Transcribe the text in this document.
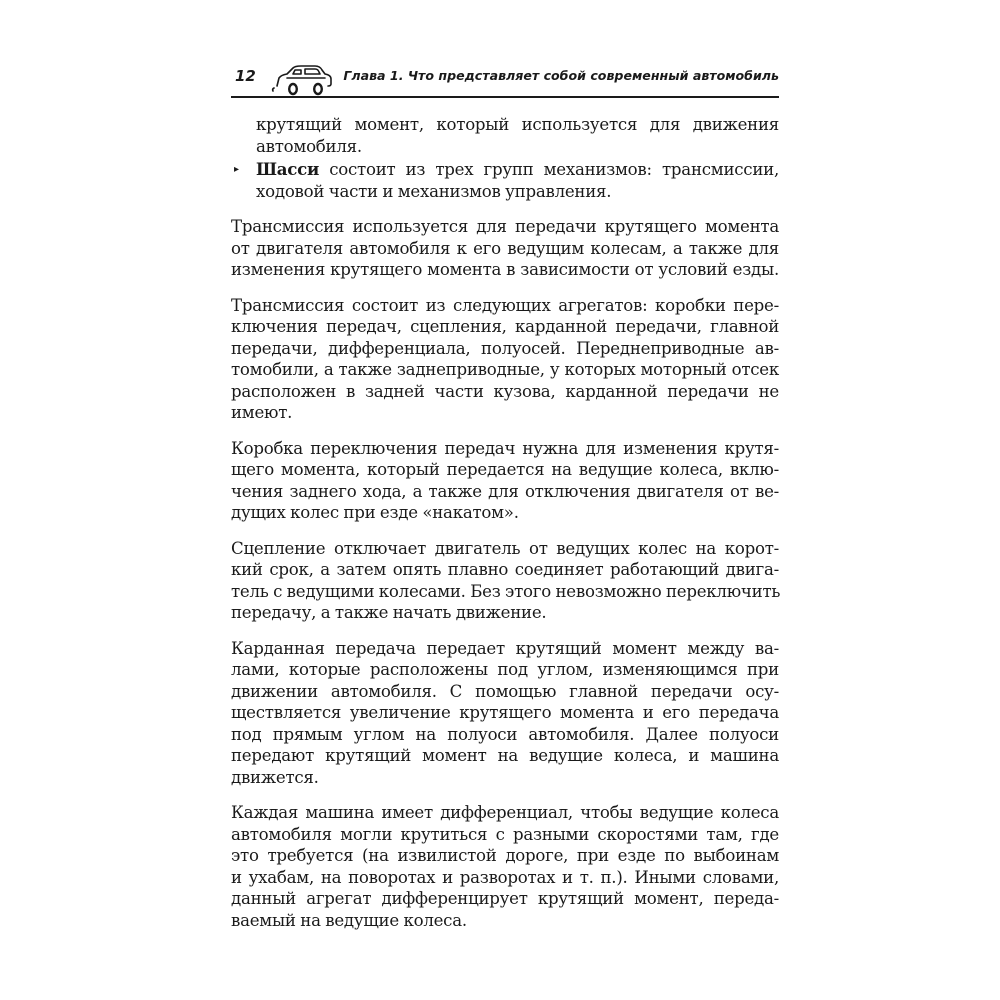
12	Глава 1. Что представляет собой современный автомобиль
крутящий момент, который используется для движения
автомобиля.
▸ Шасси состоит из трех групп механизмов: трансмиссии,
ходовой части и механизмов управления.
Трансмиссия используется для передачи крутящего момента
от двигателя автомобиля к его ведущим колесам, а также для
изменения крутящего момента в зависимости от условий езды.
Трансмиссия состоит из следующих агрегатов: коробки пере-
ключения передач, сцепления, карданной передачи, главной
передачи, дифференциала, полуосей. Переднеприводные ав-
томобили, а также заднеприводные, у которых моторный отсек
расположен в задней части кузова, карданной передачи не
имеют.
Коробка переключения передач нужна для изменения крутя-
щего момента, который передается на ведущие колеса, вклю-
чения заднего хода, а также для отключения двигателя от ве-
дущих колес при езде «накатом».
Сцепление отключает двигатель от ведущих колес на корот-
кий срок, а затем опять плавно соединяет работающий двига-
тель с ведущими колесами. Без этого невозможно переключить
передачу, а также начать движение.
Карданная передача передает крутящий момент между ва-
лами, которые расположены под углом, изменяющимся при
движении автомобиля. С помощью главной передачи осу-
ществляется увеличение крутящего момента и его передача
под прямым углом на полуоси автомобиля. Далее полуоси
передают крутящий момент на ведущие колеса, и машина
движется.
Каждая машина имеет дифференциал, чтобы ведущие колеса
автомобиля могли крутиться с разными скоростями там, где
это требуется (на извилистой дороге, при езде по выбоинам
и ухабам, на поворотах и разворотах и т. п.). Иными словами,
данный агрегат дифференцирует крутящий момент, переда-
ваемый на ведущие колеса.
